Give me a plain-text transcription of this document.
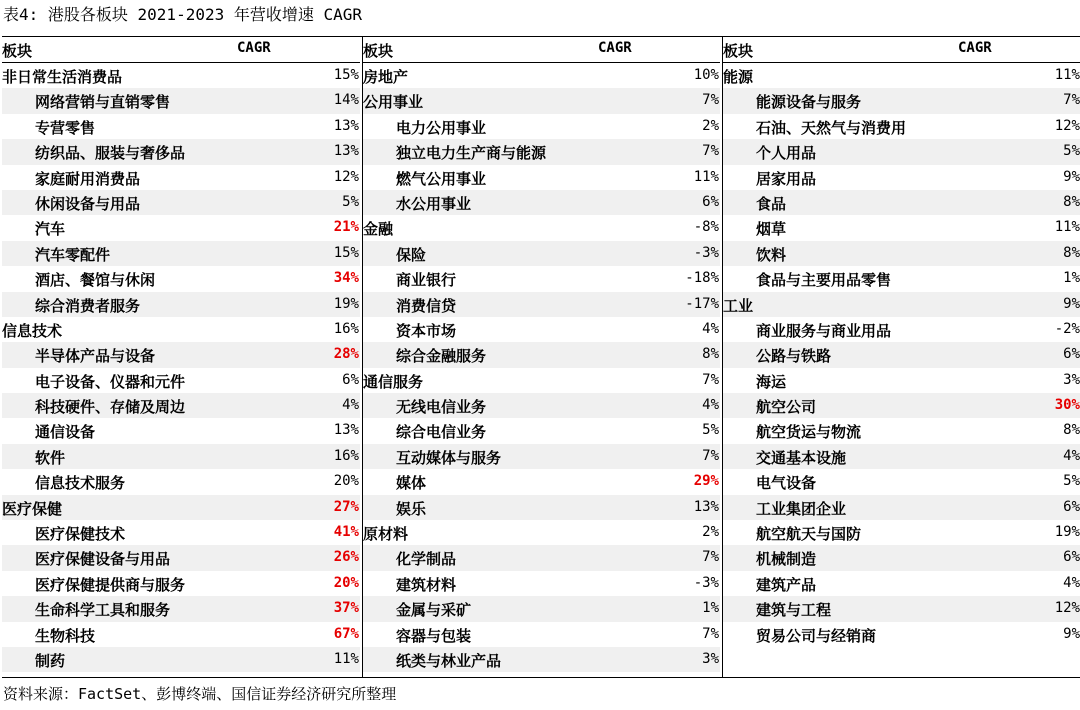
表4: 港股各板块 2021-2023 年营收增速 CAGR
板块	CAGR
非日常生活消费品	15%
网络营销与直销零售	14%
专营零售	13%
纺织品、服装与奢侈品	13%
家庭耐用消费品	12%
休闲设备与用品	5%
汽车	21%
汽车零配件	15%
酒店、餐馆与休闲	34%
综合消费者服务	19%
信息技术	16%
半导体产品与设备	28%
电子设备、仪器和元件	6%
科技硬件、存储及周边	4%
通信设备	13%
软件	16%
信息技术服务	20%
医疗保健	27%
医疗保健技术	41%
医疗保健设备与用品	26%
医疗保健提供商与服务	20%
生命科学工具和服务	37%
生物科技	67%
制药	11%
板块	CAGR
房地产	10%
公用事业	7%
电力公用事业	2%
独立电力生产商与能源	7%
燃气公用事业	11%
水公用事业	6%
金融	-8%
保险	-3%
商业银行	-18%
消费信贷	-17%
资本市场	4%
综合金融服务	8%
通信服务	7%
无线电信业务	4%
综合电信业务	5%
互动媒体与服务	7%
媒体	29%
娱乐	13%
原材料	2%
化学制品	7%
建筑材料	-3%
金属与采矿	1%
容器与包装	7%
纸类与林业产品	3%
板块	CAGR
能源	11%
能源设备与服务	7%
石油、天然气与消费用	12%
个人用品	5%
居家用品	9%
食品	8%
烟草	11%
饮料	8%
食品与主要用品零售	1%
工业	9%
商业服务与商业用品	-2%
公路与铁路	6%
海运	3%
航空公司	30%
航空货运与物流	8%
交通基本设施	4%
电气设备	5%
工业集团企业	6%
航空航天与国防	19%
机械制造	6%
建筑产品	4%
建筑与工程	12%
贸易公司与经销商	9%
资料来源：FactSet、彭博终端、国信证券经济研究所整理
